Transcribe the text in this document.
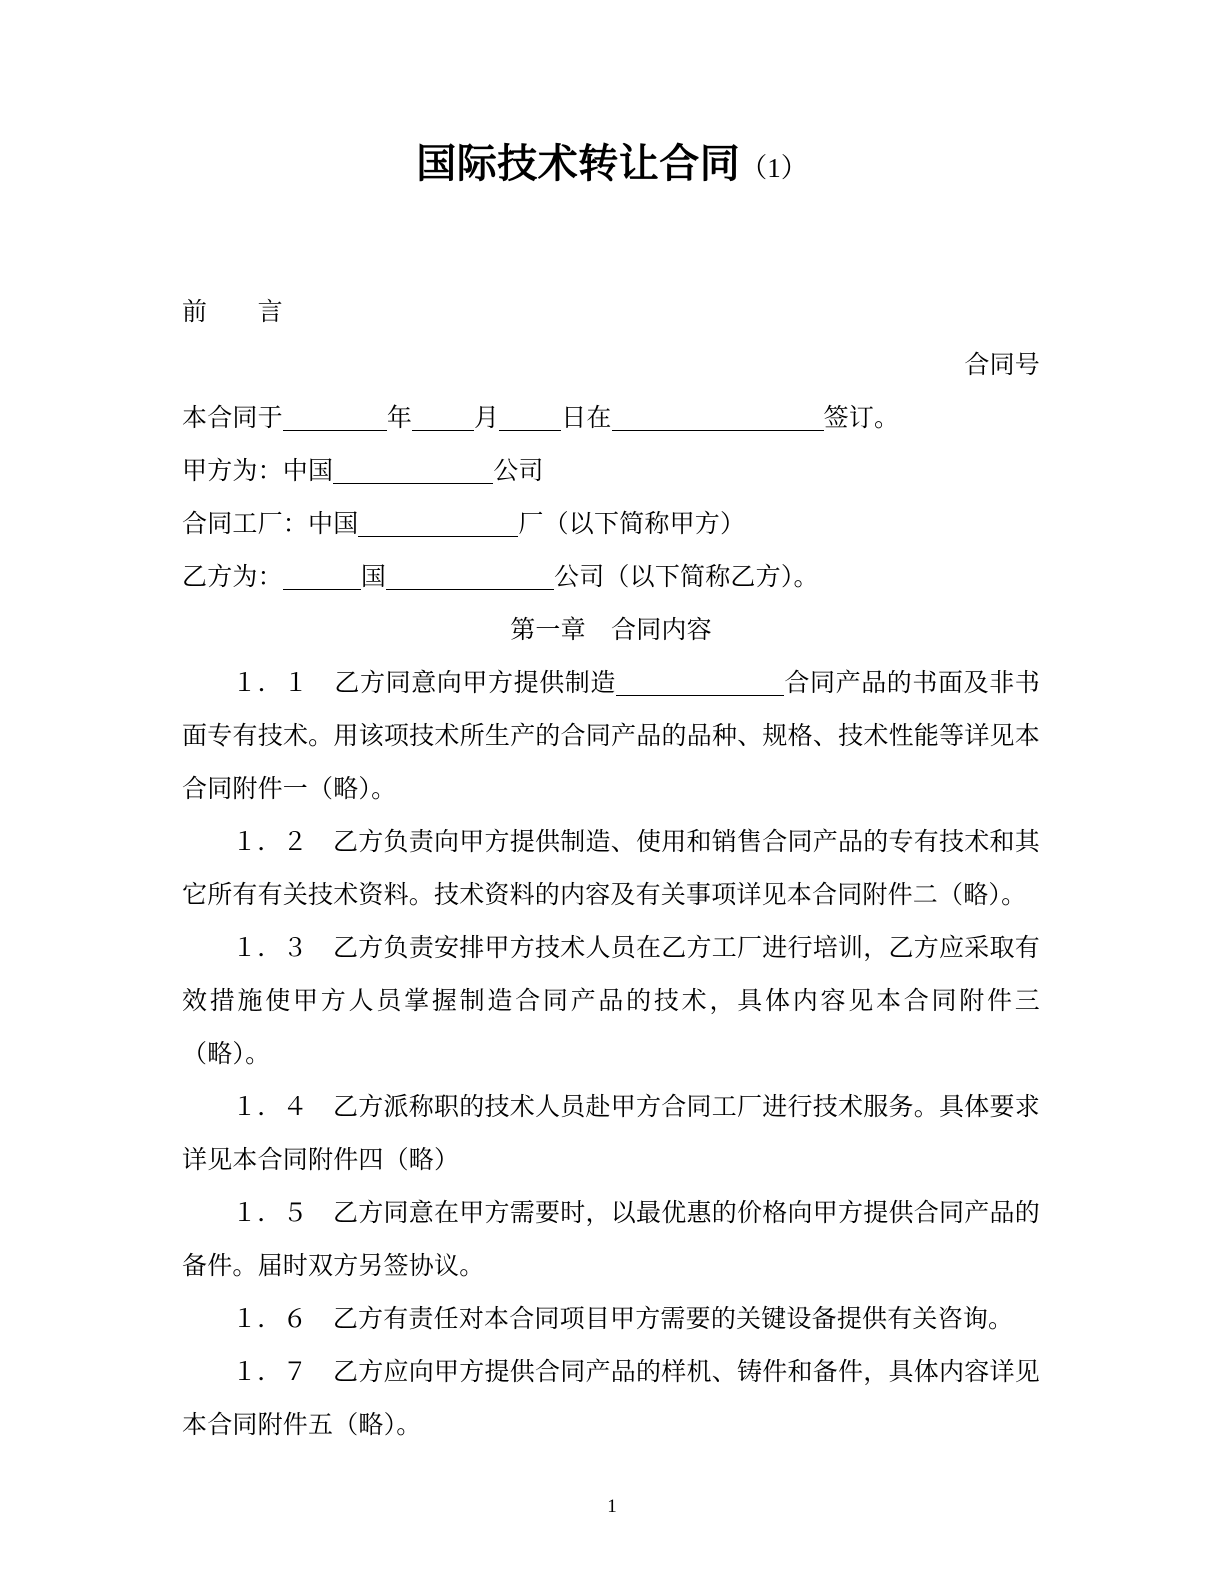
国际技术转让合同（1）
前　　言
合同号
本合同于	年 月 日在	签订。
甲方为：中国	公司
合同工厂：中国	厂（以下简称甲方）
乙方为：	国	公司（以下简称乙方）。
第一章　合同内容
１．１　 乙方同意向甲方提供制造	合同产品的书面及非书面专有技术。用该项技术所生产的合同产品的品种、规格、技术性能等详见本合同附件一（略）。
１．２　 乙方负责向甲方提供制造、使用和销售合同产品的专有技术和其它所有有关技术资料。技术资料的内容及有关事项详见本合同附件二（略）。
１．３　 乙方负责安排甲方技术人员在乙方工厂进行培训，乙方应采取有效措施使甲方人员掌握制造合同产品的技术，具体内容见本合同附件三（略）。
１．４　 乙方派称职的技术人员赴甲方合同工厂进行技术服务。具体要求详见本合同附件四（略）
１．５　 乙方同意在甲方需要时，以最优惠的价格向甲方提供合同产品的备件。届时双方另签协议。
１．６　 乙方有责任对本合同项目甲方需要的关键设备提供有关咨询。
１．７　 乙方应向甲方提供合同产品的样机、铸件和备件，具体内容详见本合同附件五（略）。
1
